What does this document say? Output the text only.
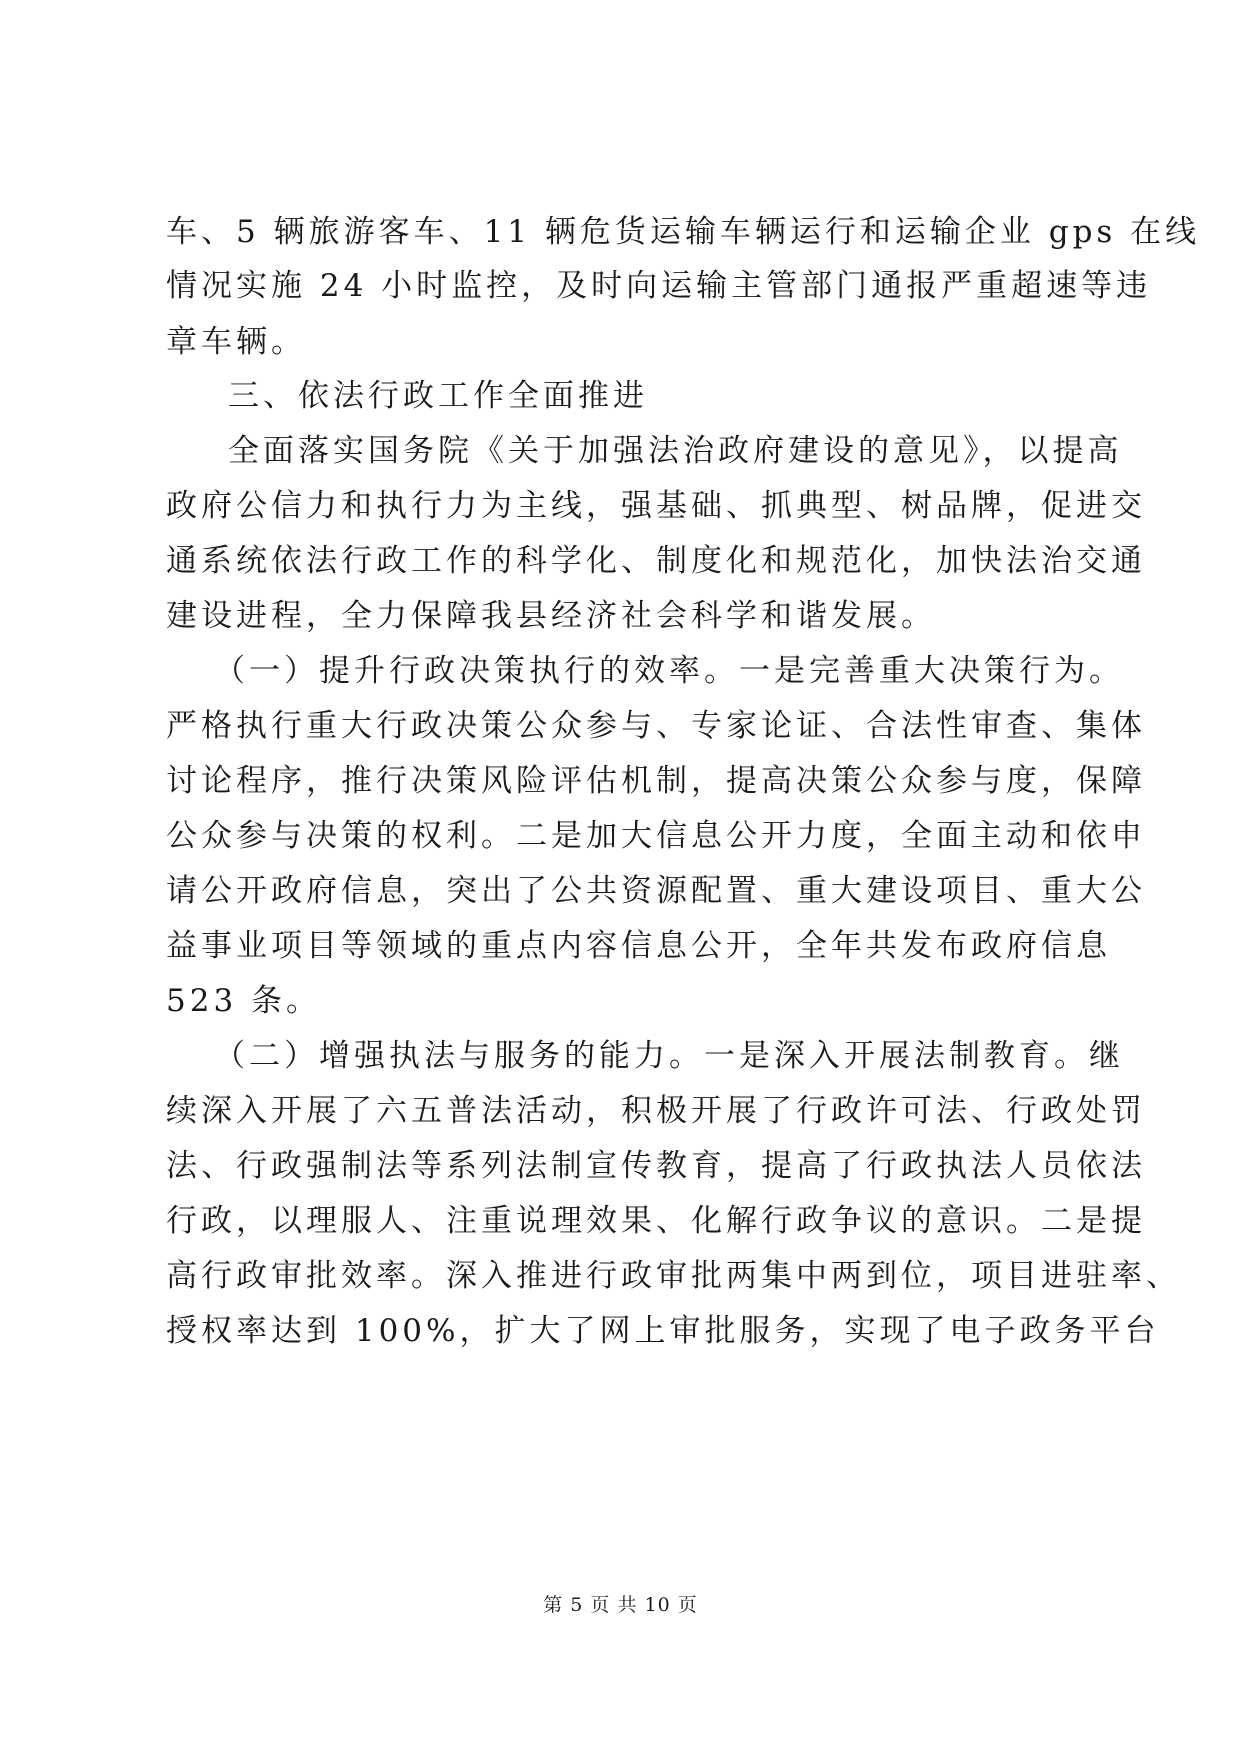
车、5 辆旅游客车、11 辆危货运输车辆运行和运输企业 gps 在线
情况实施 24 小时监控，及时向运输主管部门通报严重超速等违
章车辆。
三、依法行政工作全面推进
全面落实国务院《关于加强法治政府建设的意见》，以提高
政府公信力和执行力为主线，强基础、抓典型、树品牌，促进交
通系统依法行政工作的科学化、制度化和规范化，加快法治交通
建设进程，全力保障我县经济社会科学和谐发展。
（一）提升行政决策执行的效率。一是完善重大决策行为。
严格执行重大行政决策公众参与、专家论证、合法性审查、集体
讨论程序，推行决策风险评估机制，提高决策公众参与度，保障
公众参与决策的权利。二是加大信息公开力度，全面主动和依申
请公开政府信息，突出了公共资源配置、重大建设项目、重大公
益事业项目等领域的重点内容信息公开，全年共发布政府信息
523 条。
（二）增强执法与服务的能力。一是深入开展法制教育。继
续深入开展了六五普法活动，积极开展了行政许可法、行政处罚
法、行政强制法等系列法制宣传教育，提高了行政执法人员依法
行政，以理服人、注重说理效果、化解行政争议的意识。二是提
高行政审批效率。深入推进行政审批两集中两到位，项目进驻率、
授权率达到 100%，扩大了网上审批服务，实现了电子政务平台
第 5 页 共 10 页
